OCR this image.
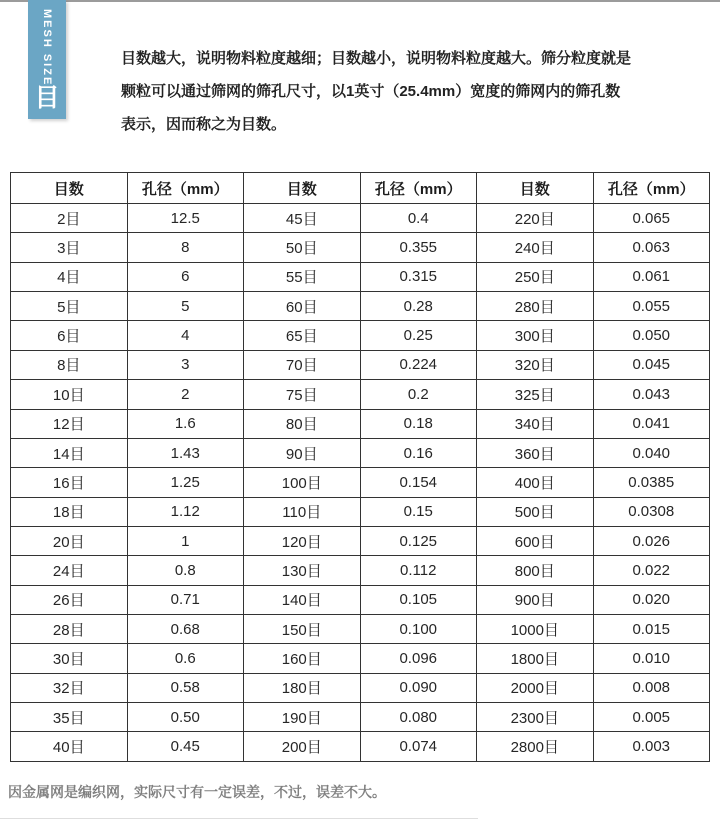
MESH SIZE
目
目数越大，说明物料粒度越细；目数越小，说明物料粒度越大。筛分粒度就是
颗粒可以通过筛网的筛孔尺寸，以1英寸（25.4mm）宽度的筛网内的筛孔数
表示，因而称之为目数。
目数	孔径（mm）	目数	孔径（mm）	目数	孔径（mm）
2目	12.5	45目	0.4	220目	0.065
3目	8	50目	0.355	240目	0.063
4目	6	55目	0.315	250目	0.061
5目	5	60目	0.28	280目	0.055
6目	4	65目	0.25	300目	0.050
8目	3	70目	0.224	320目	0.045
10目	2	75目	0.2	325目	0.043
12目	1.6	80目	0.18	340目	0.041
14目	1.43	90目	0.16	360目	0.040
16目	1.25	100目	0.154	400目	0.0385
18目	1.12	110目	0.15	500目	0.0308
20目	1	120目	0.125	600目	0.026
24目	0.8	130目	0.112	800目	0.022
26目	0.71	140目	0.105	900目	0.020
28目	0.68	150目	0.100	1000目	0.015
30目	0.6	160目	0.096	1800目	0.010
32目	0.58	180目	0.090	2000目	0.008
35目	0.50	190目	0.080	2300目	0.005
40目	0.45	200目	0.074	2800目	0.003
因金属网是编织网，实际尺寸有一定误差，不过，误差不大。
